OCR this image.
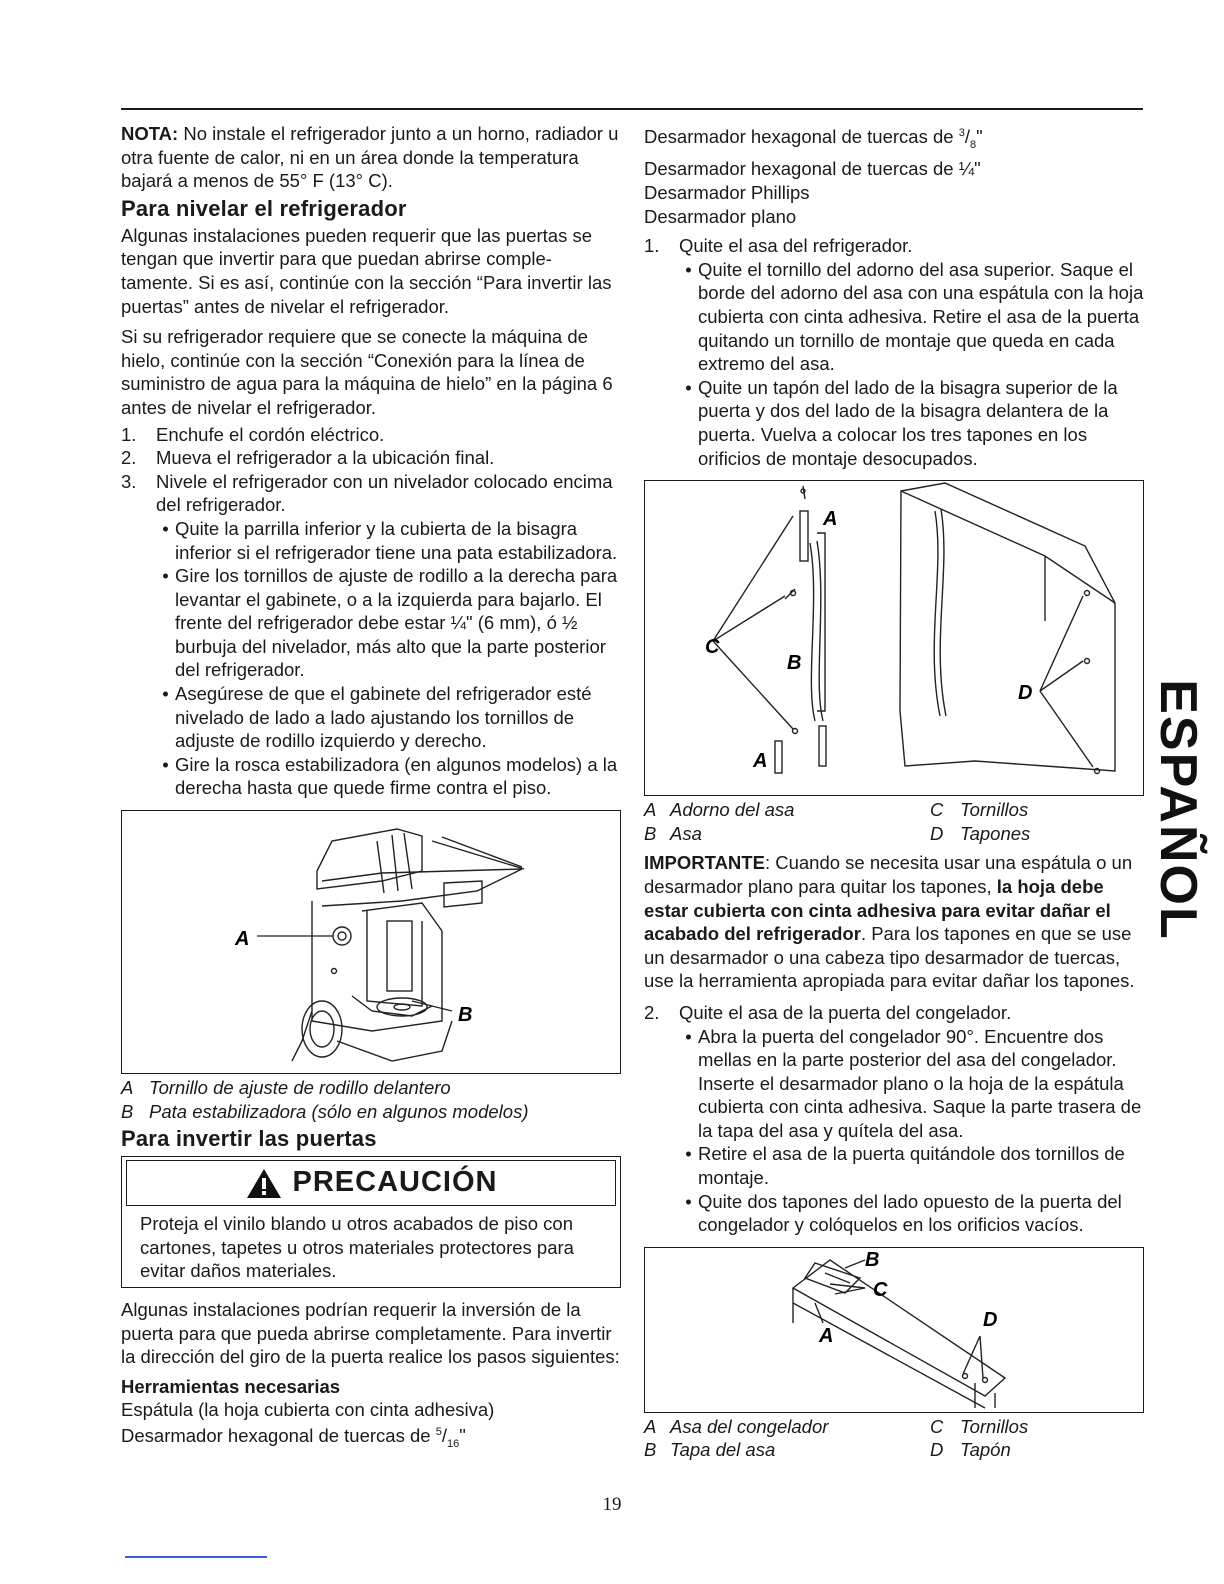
NOTA: No instale el refrigerador junto a un horno, radiador u otra fuente de calor, ni en un área donde la temperatura bajará a menos de 55° F (13° C).

Para nivelar el refrigerador

Algunas instalaciones pueden requerir que las puertas se tengan que invertir para que puedan abrirse comple- tamente. Si es así, continúe con la sección “Para invertir las puertas” antes de nivelar el refrigerador.

Si su refrigerador requiere que se conecte la máquina de hielo, continúe con la sección “Conexión para la línea de suministro de agua para la máquina de hielo” en la página 6 antes de nivelar el refrigerador.

1.	Enchufe el cordón eléctrico.
2.	Mueva el refrigerador a la ubicación final.
3.	Nivele el refrigerador con un nivelador colocado encima del refrigerador.
• Quite la parrilla inferior y la cubierta de la bisagra inferior si el refrigerador tiene una pata estabilizadora.
• Gire los tornillos de ajuste de rodillo a la derecha para levantar el gabinete, o a la izquierda para bajarlo. El frente del refrigerador debe estar ¼" (6 mm), ó ½ burbuja del nivelador, más alto que la parte posterior del refrigerador.
• Asegúrese de que el gabinete del refrigerador esté nivelado de lado a lado ajustando los tornillos de adjuste de rodillo izquierdo y derecho.
• Gire la rosca estabilizadora (en algunos modelos) a la derecha hasta que quede firme contra el piso.
A
B
A Tornillo de ajuste de rodillo delantero
B Pata estabilizadora (sólo en algunos modelos)
Para invertir las puertas
PRECAUCIÓN
Proteja el vinilo blando u otros acabados de piso con cartones, tapetes u otros materiales protectores para evitar daños materiales.

Algunas instalaciones podrían requerir la inversión de la puerta para que pueda abrirse completamente. Para invertir la dirección del giro de la puerta realice los pasos siguientes:

Herramientas necesarias

Espátula (la hoja cubierta con cinta adhesiva)

Desarmador hexagonal de tuercas de $^5/_{16}$"

Desarmador hexagonal de tuercas de $^3/_8$"

Desarmador hexagonal de tuercas de ¼"

Desarmador Phillips

Desarmador plano

1.	Quite el asa del refrigerador.
• Quite el tornillo del adorno del asa superior. Saque el borde del adorno del asa con una espátula con la hoja cubierta con cinta adhesiva. Retire el asa de la puerta quitando un tornillo de montaje que queda en cada extremo del asa.
• Quite un tapón del lado de la bisagra superior de la puerta y dos del lado de la bisagra delantera de la puerta. Vuelva a colocar los tres tapones en los orificios de montaje desocupados.
A
C
B
A
D
A Adorno del asa	C Tornillos
B Asa	D Tapones

IMPORTANTE: Cuando se necesita usar una espátula o un desarmador plano para quitar los tapones, la hoja debe estar cubierta con cinta adhesiva para evitar dañar el acabado del refrigerador. Para los tapones en que se use un desarmador o una cabeza tipo desarmador de tuercas, use la herramienta apropiada para evitar dañar los tapones.

2.	Quite el asa de la puerta del congelador.
• Abra la puerta del congelador 90°. Encuentre dos mellas en la parte posterior del asa del congelador. Inserte el desarmador plano o la hoja de la espátula cubierta con cinta adhesiva. Saque la parte trasera de la tapa del asa y quítela del asa.
• Retire el asa de la puerta quitándole dos tornillos de montaje.
• Quite dos tapones del lado opuesto de la puerta del congelador y colóquelos en los orificios vacíos.
B
C
A
D
A Asa del congelador	C Tornillos
B Tapa del asa	D Tapón
ESPAÑOL
19
